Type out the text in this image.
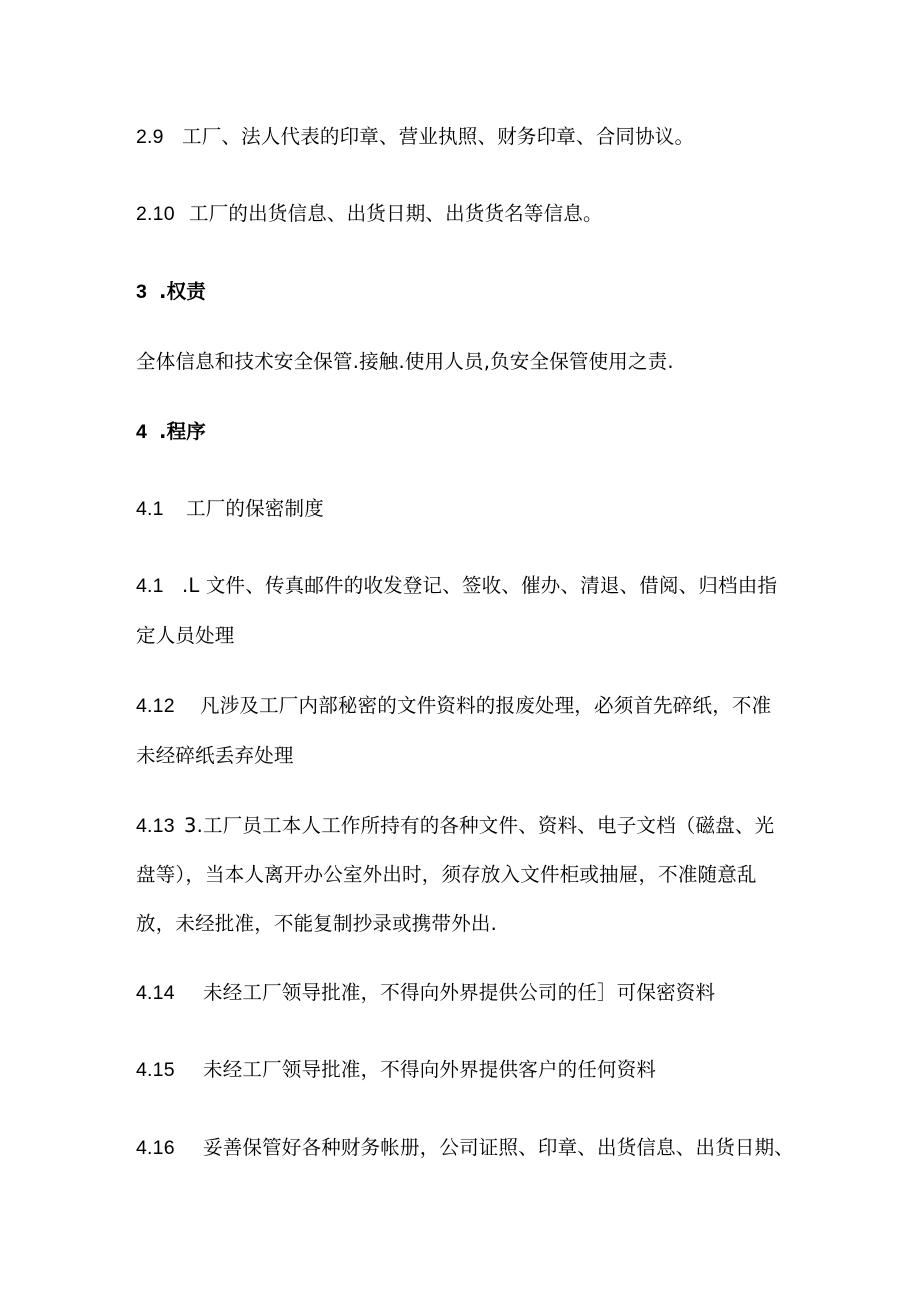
2.9 工厂、法人代表的印章、营业执照、财务印章、合同协议。
2.10 工厂的出货信息、出货日期、出货货名等信息。
3 .权责
全体信息和技术安全保管.接触.使用人员,负安全保管使用之责.
4 .程序
4.1 工厂的保密制度
4.1 .L 文件、传真邮件的收发登记、签收、催办、清退、借阅、归档由指
定人员处理
4.12 凡涉及工厂内部秘密的文件资料的报废处理，必须首先碎纸，不准
未经碎纸丢弃处理
4.13 3.工厂员工本人工作所持有的各种文件、资料、电子文档（磁盘、光
盘等），当本人离开办公室外出时，须存放入文件柜或抽屉，不准随意乱
放，未经批准，不能复制抄录或携带外出.
4.14 未经工厂领导批准，不得向外界提供公司的任］可保密资料
4.15 未经工厂领导批准，不得向外界提供客户的任何资料
4.16 妥善保管好各种财务帐册，公司证照、印章、出货信息、出货日期、
